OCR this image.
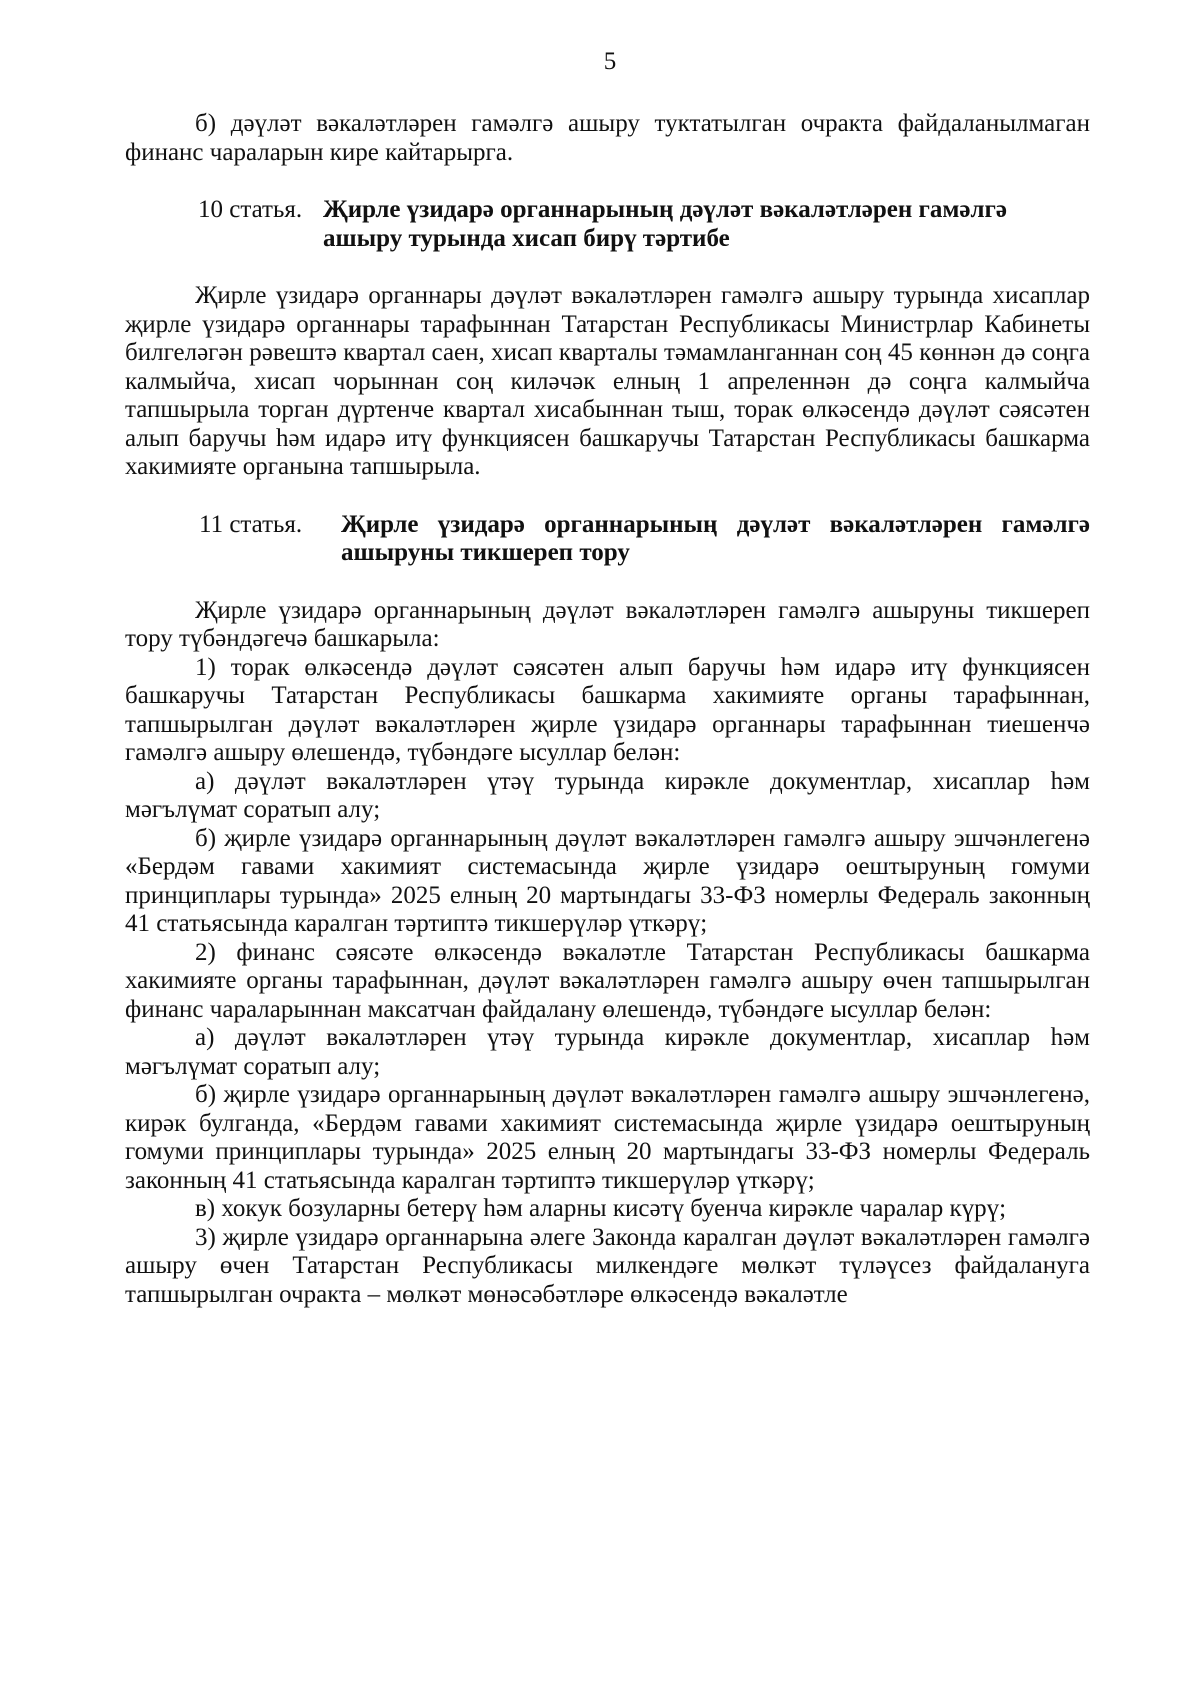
5

б) дәүләт вәкаләтләрен гамәлгә ашыру туктатылган очракта файдаланылмаган финанс чараларын кире кайтарырга.

10 статья. Җирле үзидарә органнарының дәүләт вәкаләтләрен гамәлгә ашыру турында хисап бирү тәртибе

Җирле үзидарә органнары дәүләт вәкаләтләрен гамәлгә ашыру турында хисаплар җирле үзидарә органнары тарафыннан Татарстан Республикасы Министрлар Кабинеты билгеләгән рәвештә квартал саен, хисап кварталы тәмамланганнан соң 45 көннән дә соңга калмыйча, хисап чорыннан соң киләчәк елның 1 апреленнән дә соңга калмыйча тапшырыла торган дүртенче квартал хисабыннан тыш, торак өлкәсендә дәүләт сәясәтен алып баручы һәм идарә итү функциясен башкаручы Татарстан Республикасы башкарма хакимияте органына тапшырыла.

11 статья. Җирле үзидарә органнарының дәүләт вәкаләтләрен гамәлгә ашыруны тикшереп тору

Җирле үзидарә органнарының дәүләт вәкаләтләрен гамәлгә ашыруны тикшереп тору түбәндәгечә башкарыла:

1) торак өлкәсендә дәүләт сәясәтен алып баручы һәм идарә итү функциясен башкаручы Татарстан Республикасы башкарма хакимияте органы тарафыннан, тапшырылган дәүләт вәкаләтләрен җирле үзидарә органнары тарафыннан тиешенчә гамәлгә ашыру өлешендә, түбәндәге ысуллар белән:

а) дәүләт вәкаләтләрен үтәү турында кирәкле документлар, хисаплар һәм мәгълүмат соратып алу;

б) җирле үзидарә органнарының дәүләт вәкаләтләрен гамәлгә ашыру эшчәнлегенә «Бердәм гавами хакимият системасында җирле үзидарә оештыруның гомуми принциплары турында» 2025 елның 20 мартындагы 33-ФЗ номерлы Федераль законның 41 статьясында каралган тәртиптә тикшерүләр үткәрү;

2) финанс сәясәте өлкәсендә вәкаләтле Татарстан Республикасы башкарма хакимияте органы тарафыннан, дәүләт вәкаләтләрен гамәлгә ашыру өчен тапшырылган финанс чараларыннан максатчан файдалану өлешендә, түбәндәге ысуллар белән:

а) дәүләт вәкаләтләрен үтәү турында кирәкле документлар, хисаплар һәм мәгълүмат соратып алу;

б) җирле үзидарә органнарының дәүләт вәкаләтләрен гамәлгә ашыру эшчәнлегенә, кирәк булганда, «Бердәм гавами хакимият системасында җирле үзидарә оештыруның гомуми принциплары турында» 2025 елның 20 мартындагы 33-ФЗ номерлы Федераль законның 41 статьясында каралган тәртиптә тикшерүләр үткәрү;

в) хокук бозуларны бетерү һәм аларны кисәтү буенча кирәкле чаралар күрү;

3) җирле үзидарә органнарына әлеге Законда каралган дәүләт вәкаләтләрен гамәлгә ашыру өчен Татарстан Республикасы милкендәге мөлкәт түләүсез файдалануга тапшырылган очракта – мөлкәт мөнәсәбәтләре өлкәсендә вәкаләтле
